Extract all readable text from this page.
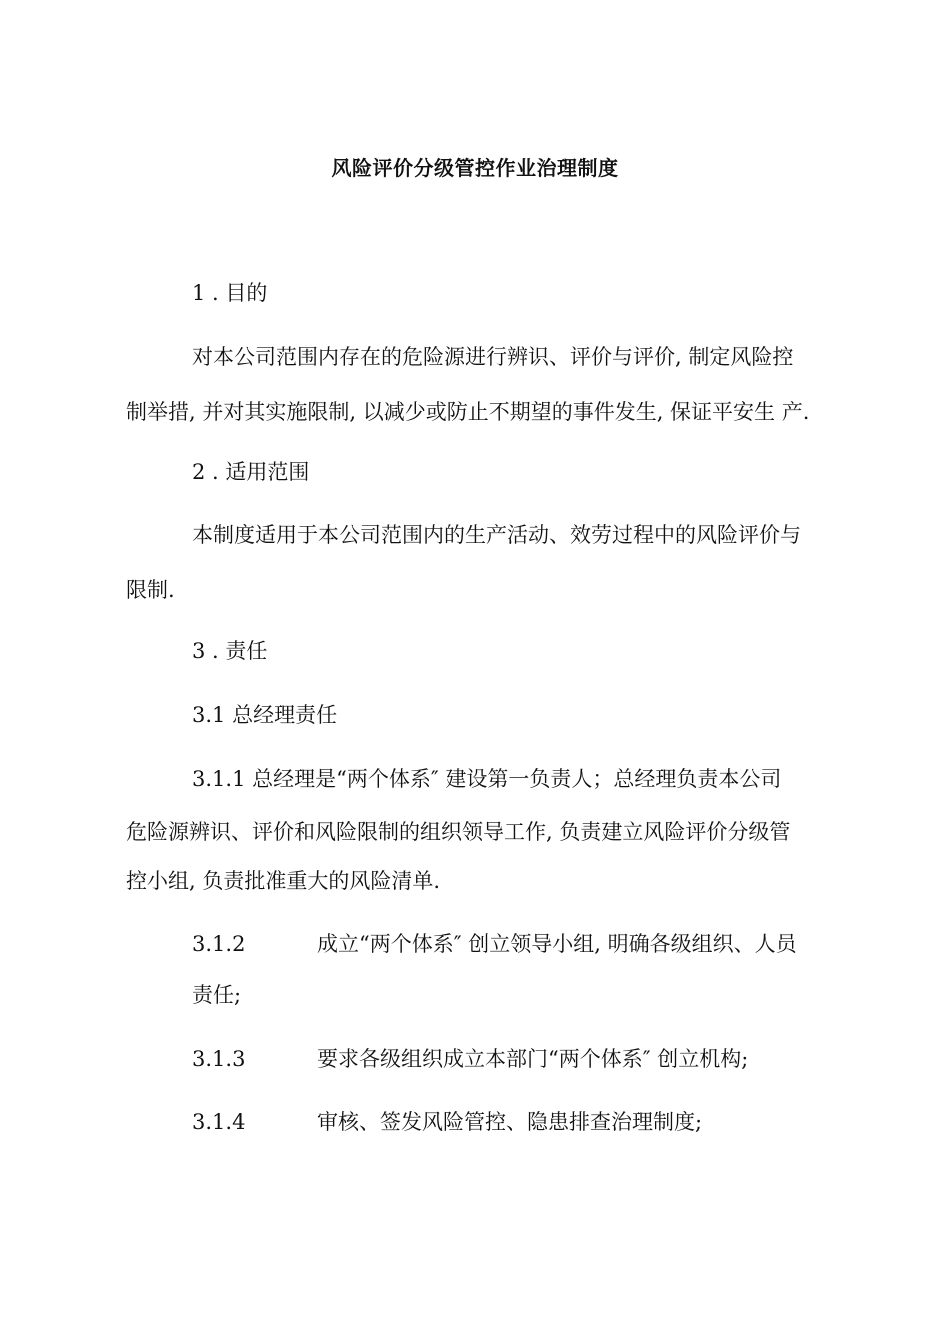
风险评价分级管控作业治理制度
1 . 目的
对本公司范围内存在的危险源进行辨识、评价与评价, 制定风险控
制举措, 并对其实施限制, 以减少或防止不期望的事件发生, 保证平安生 产.
2 . 适用范围
本制度适用于本公司范围内的生产活动、效劳过程中的风险评价与
限制.
3 . 责任
3.1 总经理责任
3.1.1 总经理是“两个体系″ 建设第一负责人；总经理负责本公司
危险源辨识、评价和风险限制的组织领导工作, 负责建立风险评价分级管
控小组, 负责批准重大的风险清单.
3.1.2	成立“两个体系″ 创立领导小组, 明确各级组织、人员
责任;
3.1.3	要求各级组织成立本部门“两个体系″ 创立机构;
3.1.4	审核、签发风险管控、隐患排查治理制度;
